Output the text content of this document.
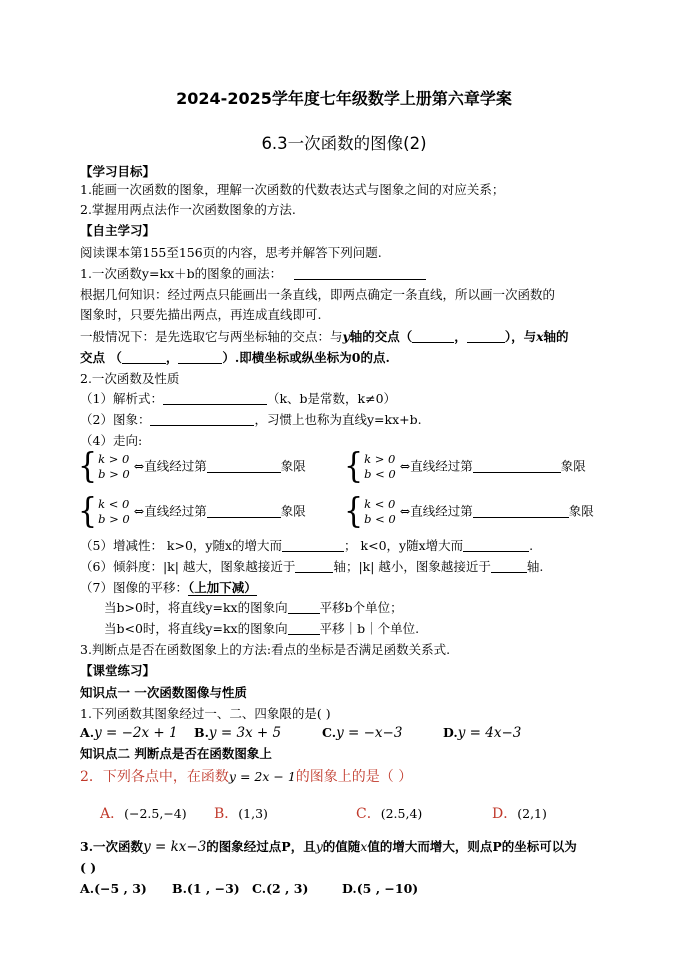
2024-2025学年度七年级数学上册第六章学案
6.3一次函数的图像(2)
【学习目标】
1.能画一次函数的图象，理解一次函数的代数表达式与图象之间的对应关系；
2.掌握用两点法作一次函数图象的方法.
【自主学习】
阅读课本第155至156页的内容，思考并解答下列问题.
1.一次函数y=kx＋b的图象的画法：
根据几何知识：经过两点只能画出一条直线，即两点确定一条直线，所以画一次函数的
图象时，只要先描出两点，再连成直线即可.
一般情况下：是先选取它与两坐标轴的交点：与y轴的交点（	，	），与x轴的
交点 （	，	）.即横坐标或纵坐标为0的点.
2.一次函数及性质
（1）解析式：	（k、b是常数，k≠0）
（2）图象：	，习惯上也称为直线y=kx+b.
（4）走向:
{ k > 0
b > 0
⇔直线经过第	象限 { k > 0
b < 0
⇔直线经过第	象限
{ k < 0
b > 0
⇔直线经过第	象限 { k < 0
b < 0
⇔直线经过第	象限
（5）增减性： k>0，y随x的增大而	； k<0，y随x增大而	.
（6）倾斜度：|k| 越大，图象越接近于	轴；|k| 越小，图象越接近于	轴.
（7）图像的平移：（上加下减）
当b>0时，将直线y=kx的图象向	平移b个单位；
当b<0时，将直线y=kx的图象向	平移｜b｜个单位.
3.判断点是否在函数图象上的方法:看点的坐标是否满足函数关系式.
【课堂练习】
知识点一 一次函数图像与性质
1.下列函数其图象经过一、二、四象限的是( )
A.y = −2x + 1 B.y = 3x + 5	C.y = −x−3	D.y = 4x−3
知识点二 判断点是否在函数图象上
2．下列各点中，在函数y = 2x − 1的图象上的是（ ）
A．(−2.5,−4) B．(1,3)	C．(2.5,4)	D．(2,1)
3.一次函数y = kx−3的图象经过点P，且y的值随x值的增大而增大，则点P的坐标可以为
( )
A.(−5 , 3) B.(1 , −3) C.(2 , 3)	D.(5 , −10)
